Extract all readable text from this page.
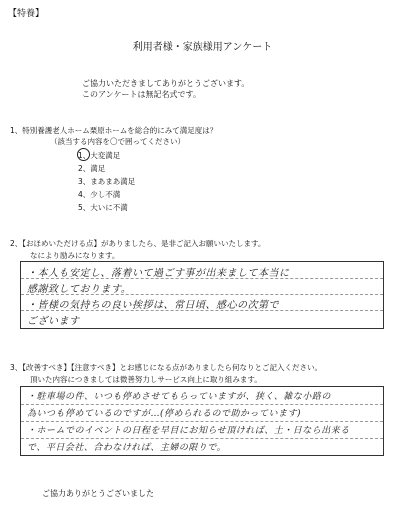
【特養】
利用者様・家族様用アンケート
ご協力いただきましてありがとうございます。
このアンケートは無記名式です。
1、特別養護老人ホーム栗原ホームを総合的にみて満足度は？
（該当する内容を〇で囲ってください）
1、大変満足
2、満足
3、まあまあ満足
4、少し不満
5、大いに不満
2、【おほめいただける点】がありましたら、是非ご記入お願いいたします。
なにより励みになります。
・本人も安定し、落着いて過ごす事が出来まして本当に
感謝致しております。
・皆様の気持ちの良い挨拶は、常日頃、感心の次第で
ございます
3、【改善すべき】【注意すべき】とお感じになる点がありましたら何なりとご記入ください。
頂いた内容につきましては微善努力しサービス向上に取り組みます。
・駐車場の件、いつも停めさせてもらっていますが、狭く、雑な小路の
為いつも停めているのですが…(停められるので助かっています)
・ホームでのイベントの日程を早目にお知らせ頂ければ、土・日なら出来る
で、平日会社、合わなければ、主婦の限りで。
ご協力ありがとうございました
